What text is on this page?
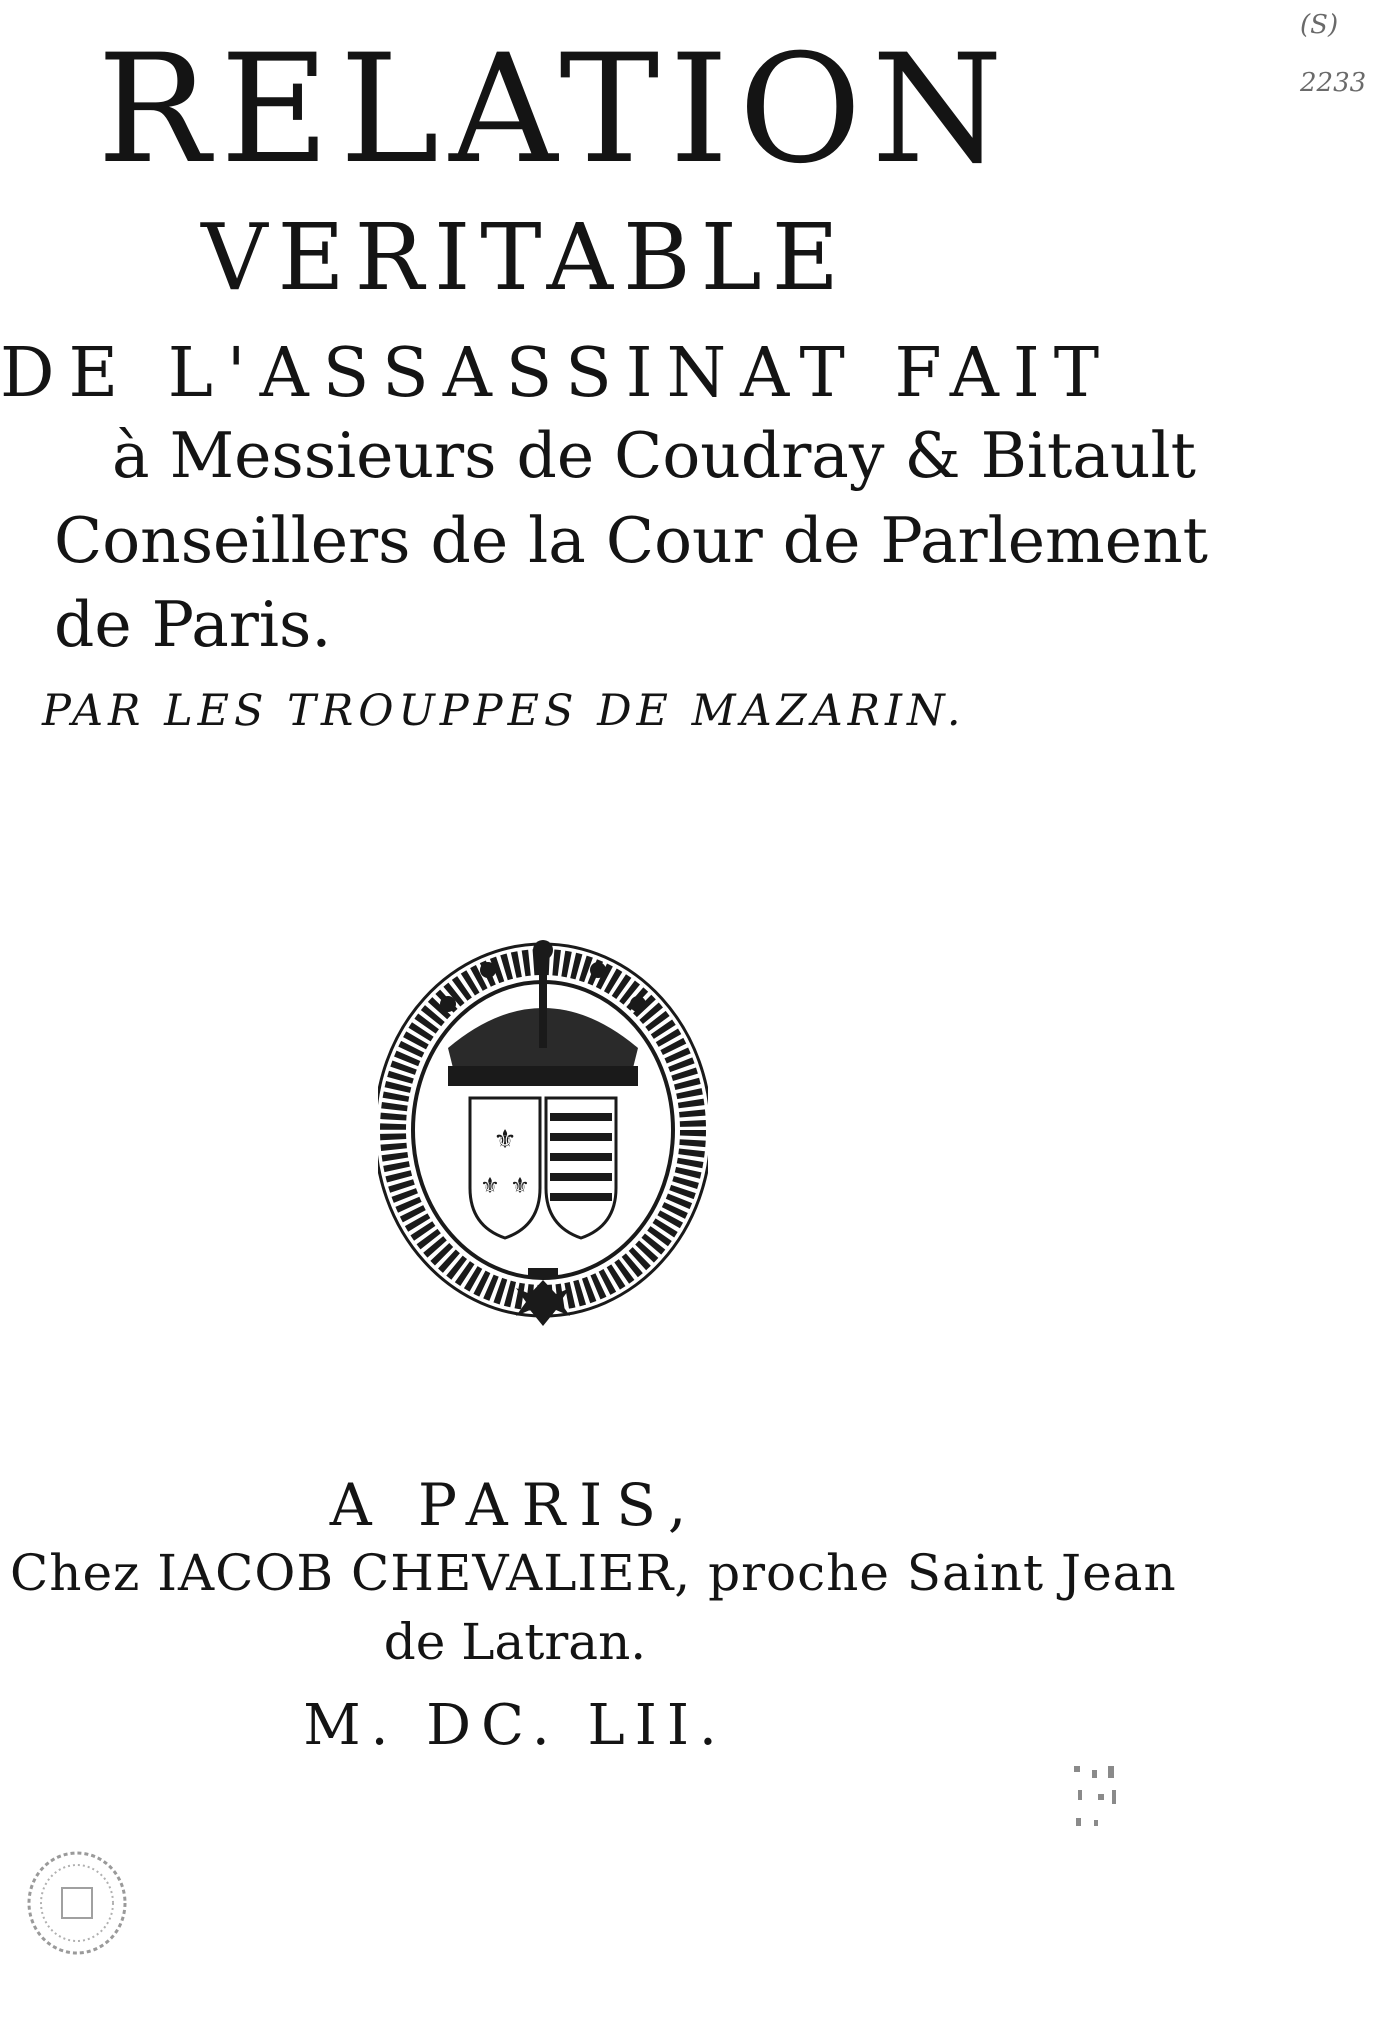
(S)
2233
RELATION
VERITABLE
DE L'ASSASSINAT FAIT
à Messieurs de Coudray & Bitault
Conseillers de la Cour de Parlement
de Paris.
PAR LES TROUPPES DE MAZARIN.
⚜
⚜ ⚜
A PARIS,
Chez IACOB CHEVALIER, proche Saint Jean
de Latran.
M. DC. LII.
